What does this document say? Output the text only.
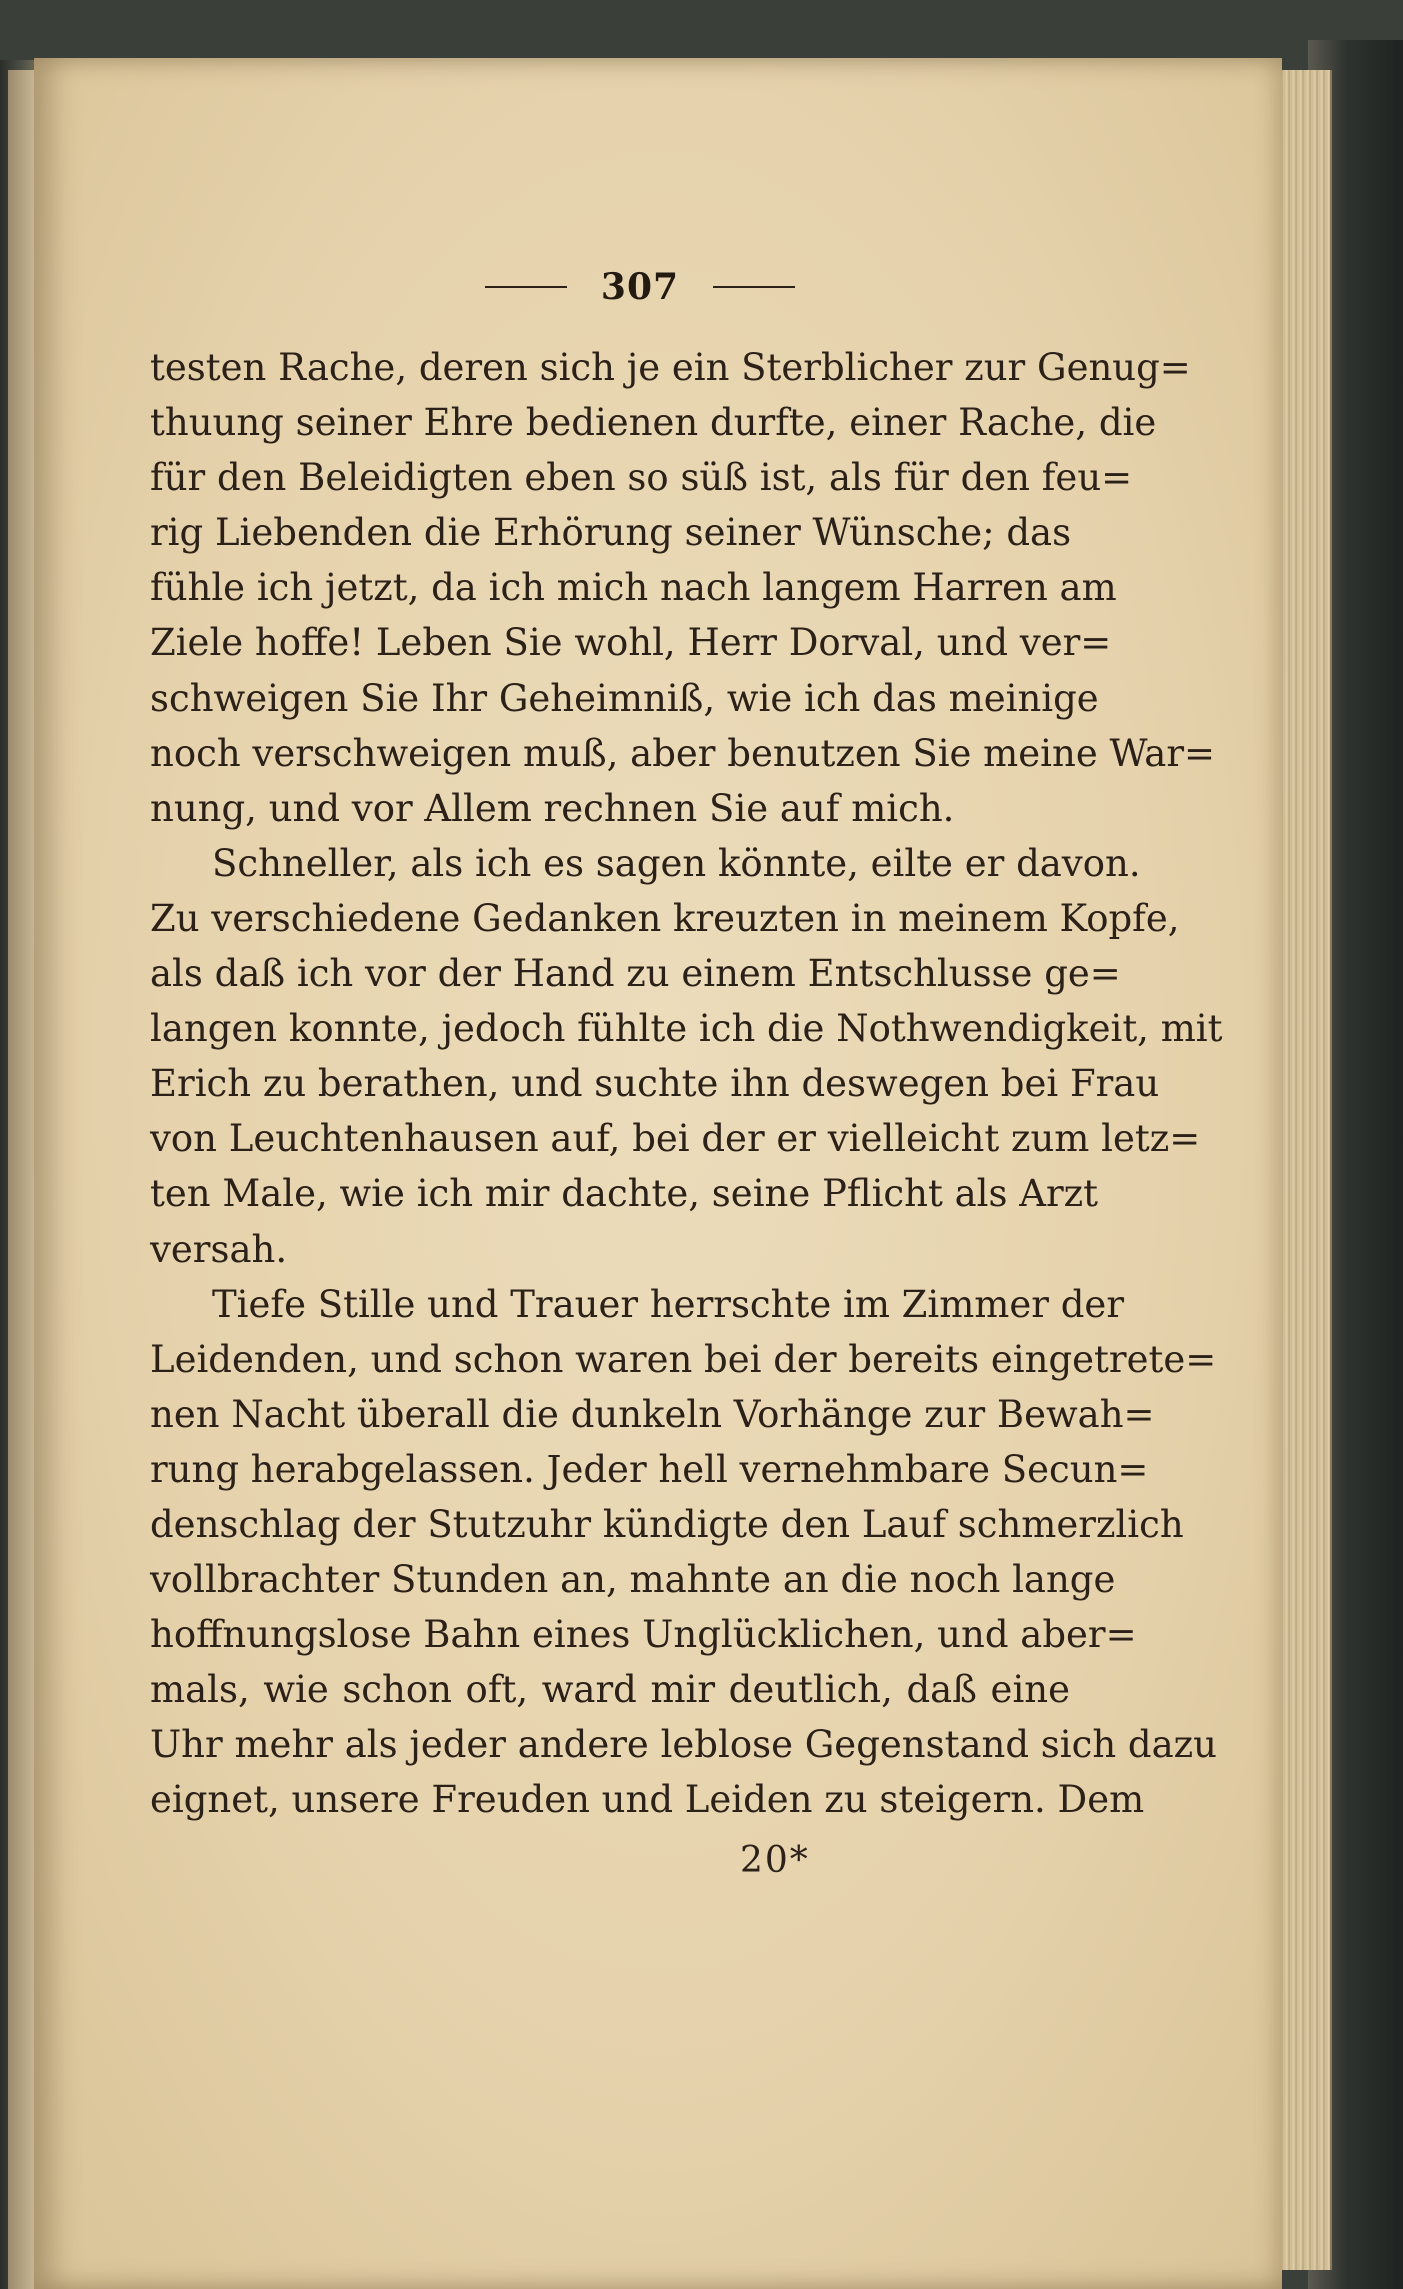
307
testen Rache, deren sich je ein Sterblicher zur Genug=
thuung seiner Ehre bedienen durfte, einer Rache, die
für den Beleidigten eben so süß ist, als für den feu=
rig Liebenden die Erhörung seiner Wünsche; das
fühle ich jetzt, da ich mich nach langem Harren am
Ziele hoffe! Leben Sie wohl, Herr Dorval, und ver=
schweigen Sie Ihr Geheimniß, wie ich das meinige
noch verschweigen muß, aber benutzen Sie meine War=
nung, und vor Allem rechnen Sie auf mich.
Schneller, als ich es sagen könnte, eilte er davon.
Zu verschiedene Gedanken kreuzten in meinem Kopfe,
als daß ich vor der Hand zu einem Entschlusse ge=
langen konnte, jedoch fühlte ich die Nothwendigkeit, mit
Erich zu berathen, und suchte ihn deswegen bei Frau
von Leuchtenhausen auf, bei der er vielleicht zum letz=
ten Male, wie ich mir dachte, seine Pflicht als Arzt
versah.
Tiefe Stille und Trauer herrschte im Zimmer der
Leidenden, und schon waren bei der bereits eingetrete=
nen Nacht überall die dunkeln Vorhänge zur Bewah=
rung herabgelassen. Jeder hell vernehmbare Secun=
denschlag der Stutzuhr kündigte den Lauf schmerzlich
vollbrachter Stunden an, mahnte an die noch lange
hoffnungslose Bahn eines Unglücklichen, und aber=
mals, wie schon oft, ward mir deutlich, daß eine
Uhr mehr als jeder andere leblose Gegenstand sich dazu
eignet, unsere Freuden und Leiden zu steigern. Dem
20*
